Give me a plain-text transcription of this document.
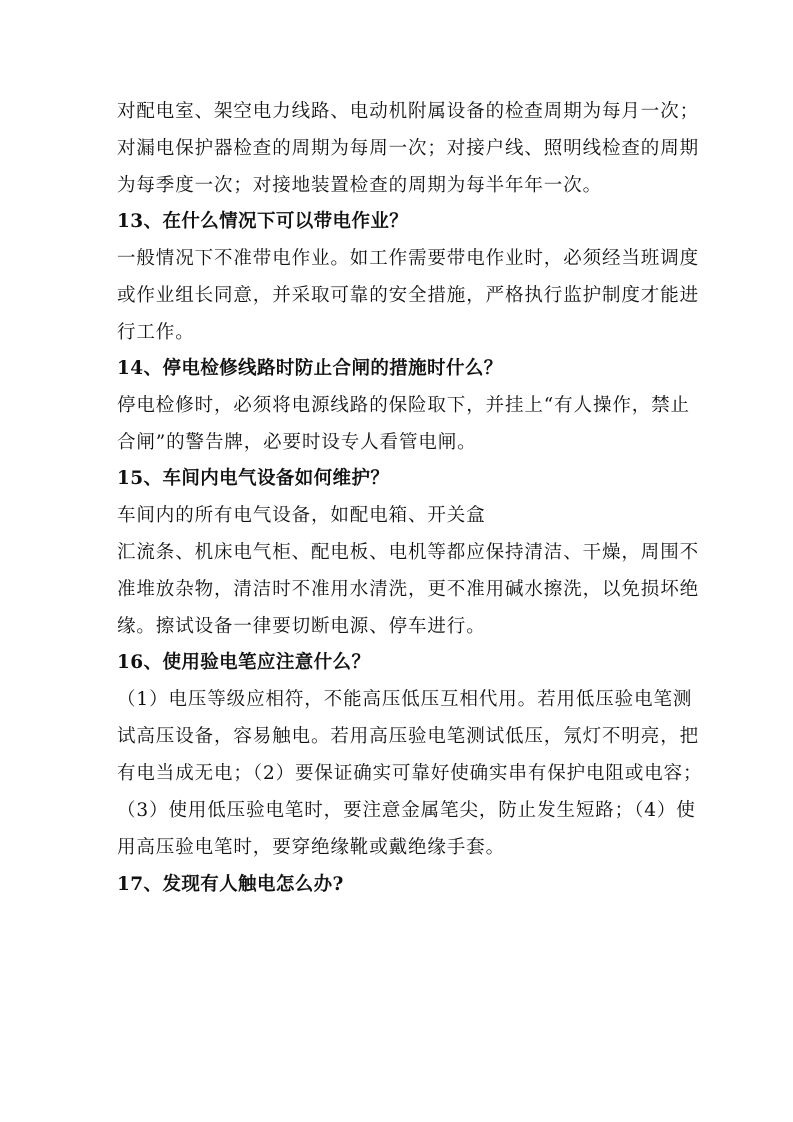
对配电室、架空电力线路、电动机附属设备的检查周期为每月一次；
对漏电保护器检查的周期为每周一次；对接户线、照明线检查的周期
为每季度一次；对接地装置检查的周期为每半年年一次。
13、在什么情况下可以带电作业？
一般情况下不准带电作业。如工作需要带电作业时，必须经当班调度
或作业组长同意，并采取可靠的安全措施，严格执行监护制度才能进
行工作。
14、停电检修线路时防止合闸的措施时什么？
停电检修时，必须将电源线路的保险取下，并挂上“有人操作，禁止
合闸”的警告牌，必要时设专人看管电闸。
15、车间内电气设备如何维护？
车间内的所有电气设备，如配电箱、开关盒
汇流条、机床电气柜、配电板、电机等都应保持清洁、干燥，周围不
准堆放杂物，清洁时不准用水清洗，更不准用碱水擦洗，以免损坏绝
缘。擦试设备一律要切断电源、停车进行。
16、使用验电笔应注意什么？
（1）电压等级应相符，不能高压低压互相代用。若用低压验电笔测
试高压设备，容易触电。若用高压验电笔测试低压，氖灯不明亮，把
有电当成无电；（2）要保证确实可靠好使确实串有保护电阻或电容；
（3）使用低压验电笔时，要注意金属笔尖，防止发生短路；（4）使
用高压验电笔时，要穿绝缘靴或戴绝缘手套。
17、发现有人触电怎么办?
